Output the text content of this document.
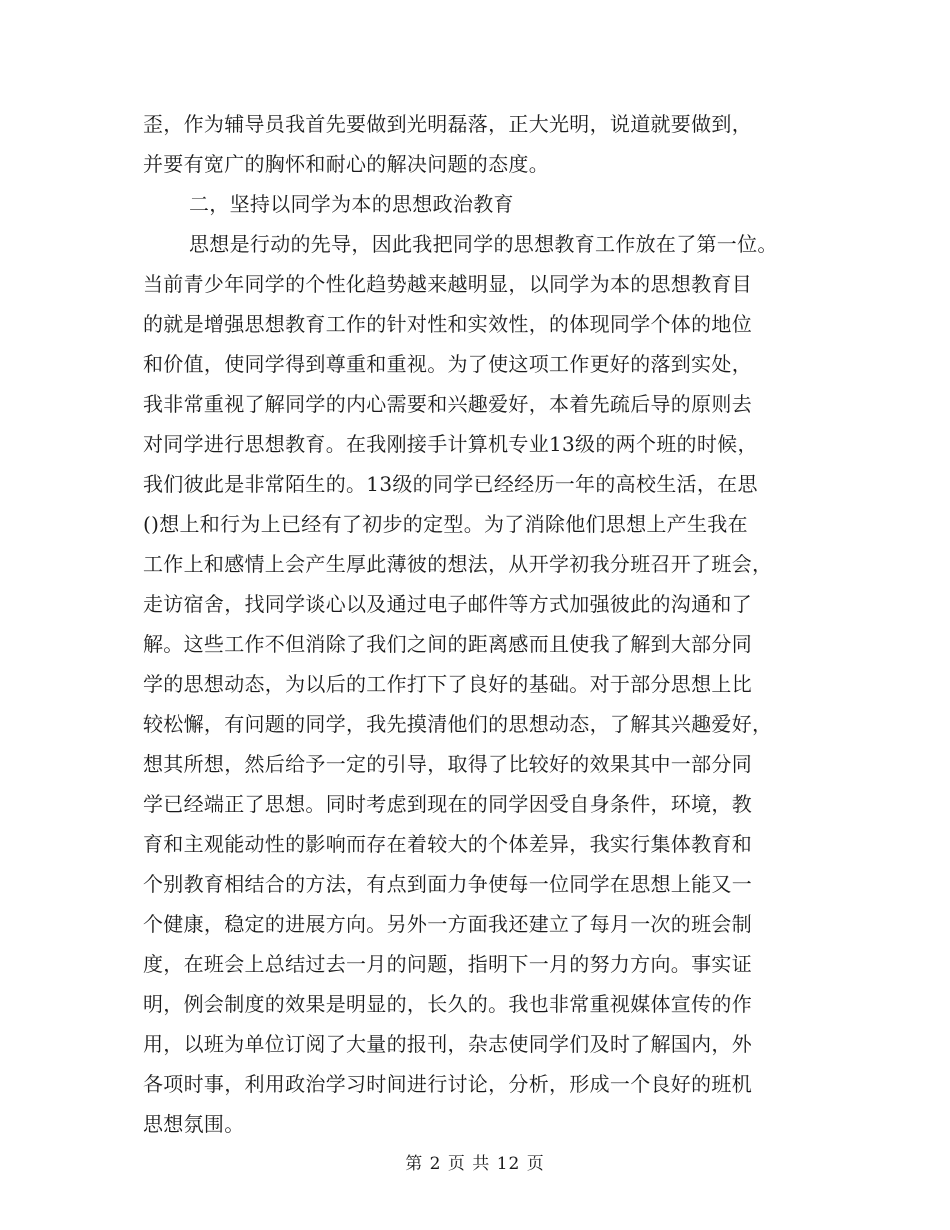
歪，作为辅导员我首先要做到光明磊落，正大光明，说道就要做到，
并要有宽广的胸怀和耐心的解决问题的态度。
二，坚持以同学为本的思想政治教育
思想是行动的先导，因此我把同学的思想教育工作放在了第一位。
当前青少年同学的个性化趋势越来越明显，以同学为本的思想教育目
的就是增强思想教育工作的针对性和实效性，的体现同学个体的地位
和价值，使同学得到尊重和重视。为了使这项工作更好的落到实处，
我非常重视了解同学的内心需要和兴趣爱好，本着先疏后导的原则去
对同学进行思想教育。在我刚接手计算机专业13级的两个班的时候，
我们彼此是非常陌生的。13级的同学已经经历一年的高校生活，在思
()想上和行为上已经有了初步的定型。为了消除他们思想上产生我在
工作上和感情上会产生厚此薄彼的想法，从开学初我分班召开了班会，
走访宿舍，找同学谈心以及通过电子邮件等方式加强彼此的沟通和了
解。这些工作不但消除了我们之间的距离感而且使我了解到大部分同
学的思想动态，为以后的工作打下了良好的基础。对于部分思想上比
较松懈，有问题的同学，我先摸清他们的思想动态，了解其兴趣爱好，
想其所想，然后给予一定的引导，取得了比较好的效果其中一部分同
学已经端正了思想。同时考虑到现在的同学因受自身条件，环境，教
育和主观能动性的影响而存在着较大的个体差异，我实行集体教育和
个别教育相结合的方法，有点到面力争使每一位同学在思想上能又一
个健康，稳定的进展方向。另外一方面我还建立了每月一次的班会制
度，在班会上总结过去一月的问题，指明下一月的努力方向。事实证
明，例会制度的效果是明显的，长久的。我也非常重视媒体宣传的作
用，以班为单位订阅了大量的报刊，杂志使同学们及时了解国内，外
各项时事，利用政治学习时间进行讨论，分析，形成一个良好的班机
思想氛围。
第 2 页 共 12 页
